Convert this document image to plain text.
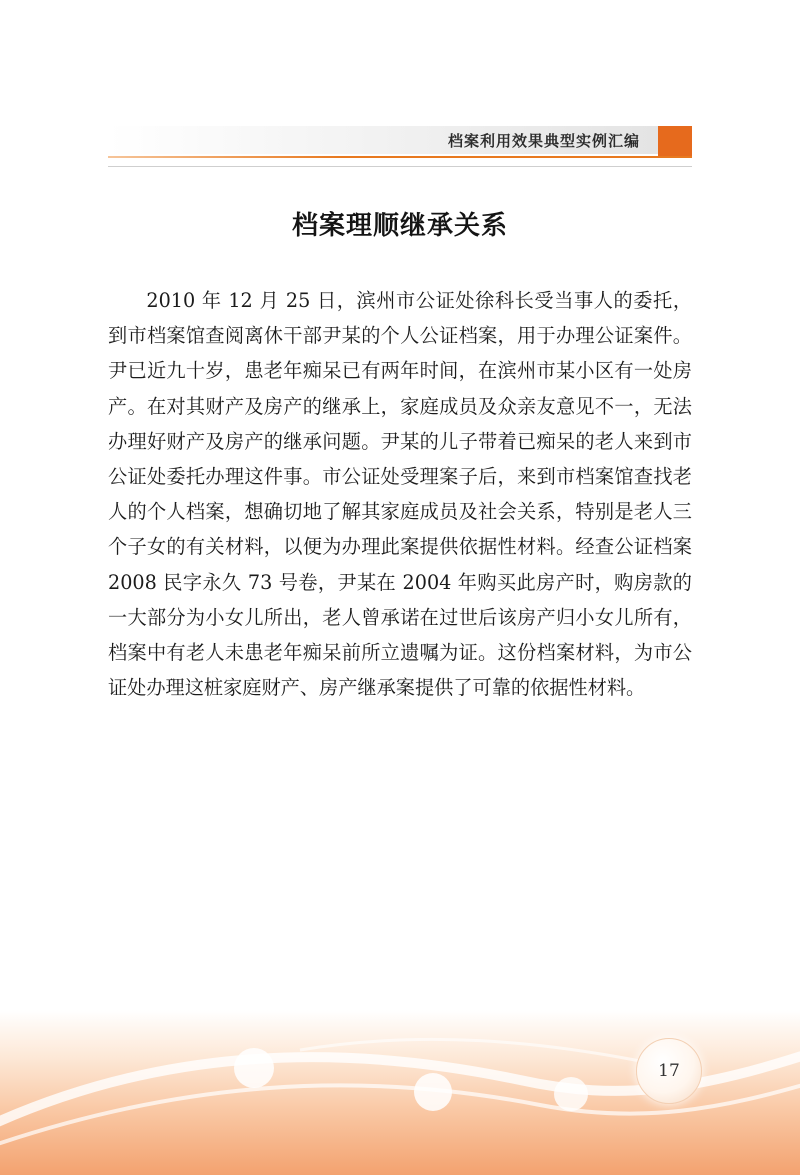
档案利用效果典型实例汇编
档案理顺继承关系

2010 年 12 月 25 日，滨州市公证处徐科长受当事人的委托，到市档案馆查阅离休干部尹某的个人公证档案，用于办理公证案件。尹已近九十岁，患老年痴呆已有两年时间，在滨州市某小区有一处房产。在对其财产及房产的继承上，家庭成员及众亲友意见不一，无法办理好财产及房产的继承问题。尹某的儿子带着已痴呆的老人来到市公证处委托办理这件事。市公证处受理案子后，来到市档案馆查找老人的个人档案，想确切地了解其家庭成员及社会关系，特别是老人三个子女的有关材料，以便为办理此案提供依据性材料。经查公证档案 2008 民字永久 73 号卷，尹某在 2004 年购买此房产时，购房款的一大部分为小女儿所出，老人曾承诺在过世后该房产归小女儿所有，档案中有老人未患老年痴呆前所立遗嘱为证。这份档案材料，为市公证处办理这桩家庭财产、房产继承案提供了可靠的依据性材料。

17
